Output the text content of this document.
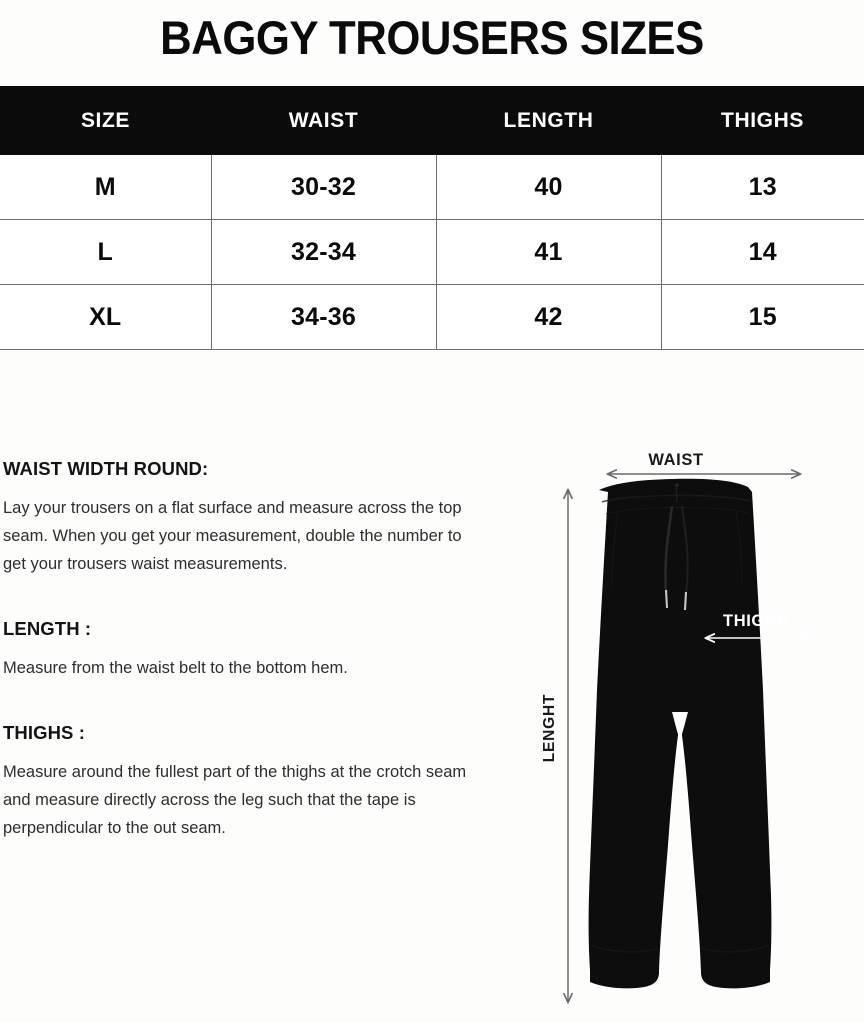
BAGGY TROUSERS SIZES
SIZE	WAIST	LENGTH	THIGHS
M	30-32	40	13
L	32-34	41	14
XL	34-36	42	15

WAIST WIDTH ROUND:

Lay your trousers on a flat surface and measure across the top seam. When you get your measurement, double the number to get your trousers waist measurements.

LENGTH :

Measure from the waist belt to the bottom hem.

THIGHS :

Measure around the fullest part of the thighs at the crotch seam and measure directly across the leg such that the tape is perpendicular to the out seam.

WAIST
THIGHS
LENGHT
